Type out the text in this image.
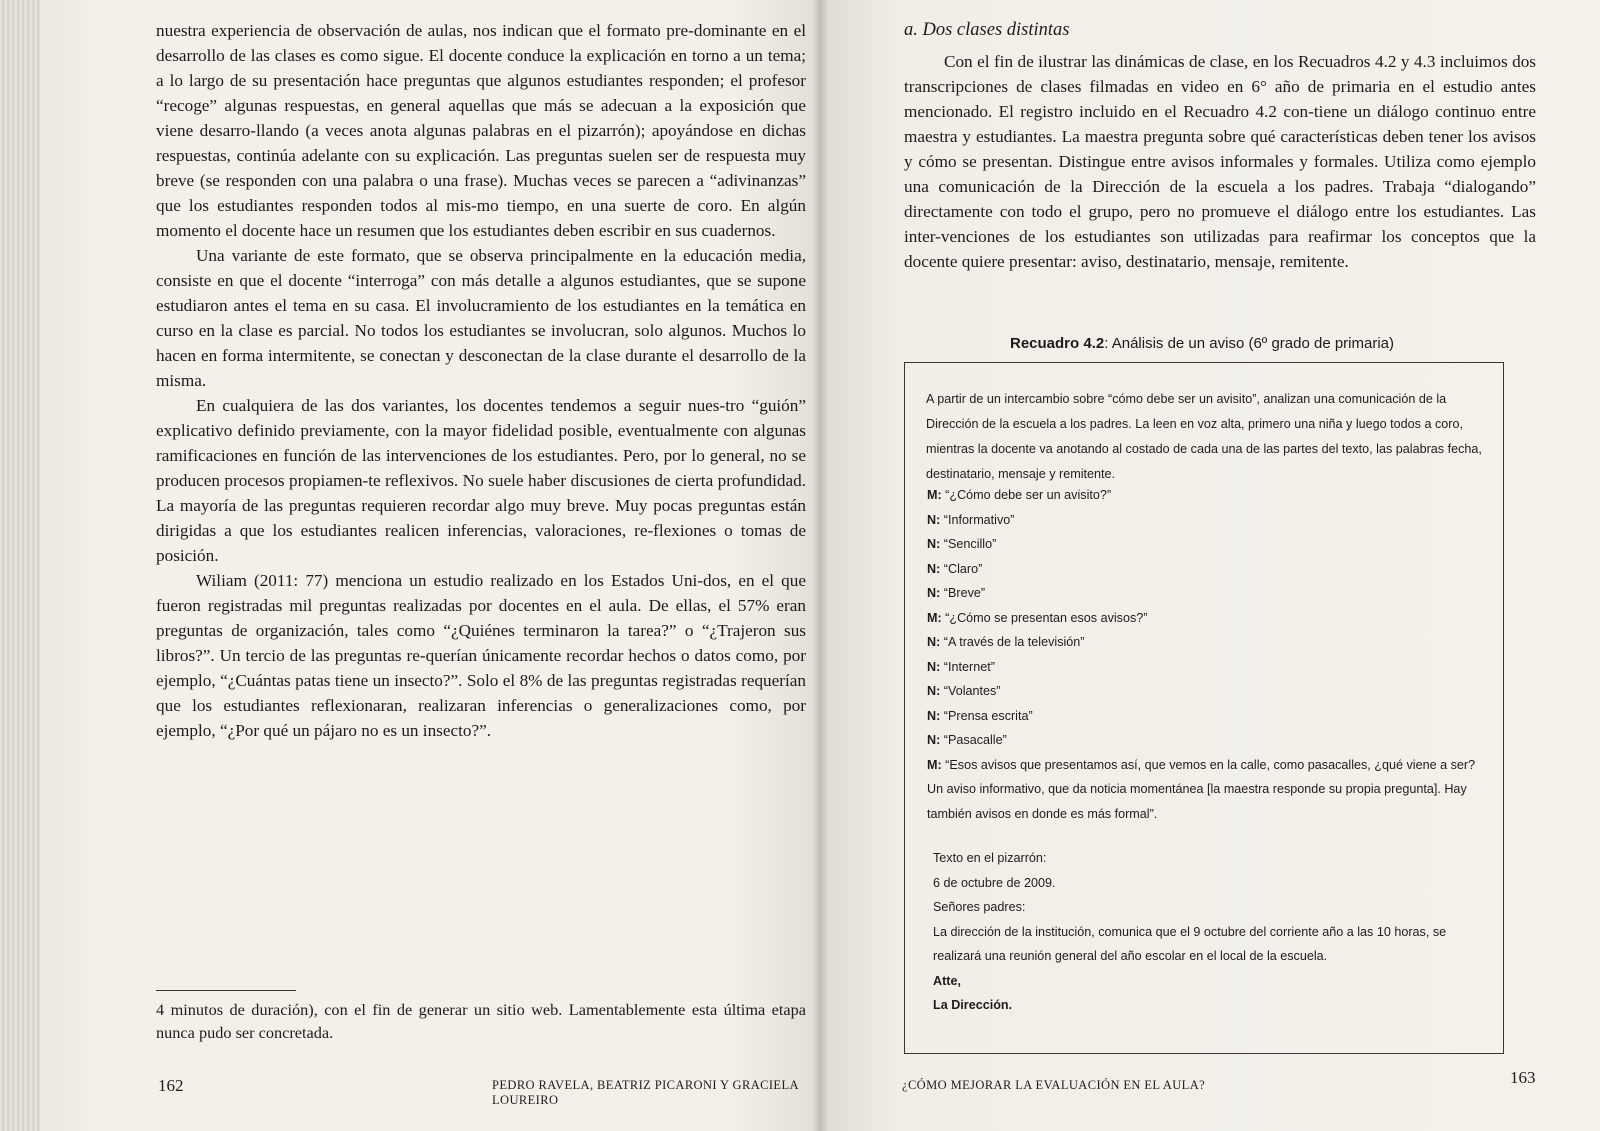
nuestra experiencia de observación de aulas, nos indican que el formato pre-dominante en el desarrollo de las clases es como sigue. El docente conduce la explicación en torno a un tema; a lo largo de su presentación hace preguntas que algunos estudiantes responden; el profesor “recoge” algunas respuestas, en general aquellas que más se adecuan a la exposición que viene desarro-llando (a veces anota algunas palabras en el pizarrón); apoyándose en dichas respuestas, continúa adelante con su explicación. Las preguntas suelen ser de respuesta muy breve (se responden con una palabra o una frase). Muchas veces se parecen a “adivinanzas” que los estudiantes responden todos al mis-mo tiempo, en una suerte de coro. En algún momento el docente hace un resumen que los estudiantes deben escribir en sus cuadernos.

Una variante de este formato, que se observa principalmente en la educación media, consiste en que el docente “interroga” con más detalle a algunos estudiantes, que se supone estudiaron antes el tema en su casa. El involucramiento de los estudiantes en la temática en curso en la clase es parcial. No todos los estudiantes se involucran, solo algunos. Muchos lo hacen en forma intermitente, se conectan y desconectan de la clase durante el desarrollo de la misma.

En cualquiera de las dos variantes, los docentes tendemos a seguir nues-tro “guión” explicativo definido previamente, con la mayor fidelidad posible, eventualmente con algunas ramificaciones en función de las intervenciones de los estudiantes. Pero, por lo general, no se producen procesos propiamen-te reflexivos. No suele haber discusiones de cierta profundidad. La mayoría de las preguntas requieren recordar algo muy breve. Muy pocas preguntas están dirigidas a que los estudiantes realicen inferencias, valoraciones, re-flexiones o tomas de posición.

Wiliam (2011: 77) menciona un estudio realizado en los Estados Uni-dos, en el que fueron registradas mil preguntas realizadas por docentes en el aula. De ellas, el 57% eran preguntas de organización, tales como “¿Quiénes terminaron la tarea?” o “¿Trajeron sus libros?”. Un tercio de las preguntas re-querían únicamente recordar hechos o datos como, por ejemplo, “¿Cuántas patas tiene un insecto?”. Solo el 8% de las preguntas registradas requerían que los estudiantes reflexionaran, realizaran inferencias o generalizaciones como, por ejemplo, “¿Por qué un pájaro no es un insecto?”.

4 minutos de duración), con el fin de generar un sitio web. Lamentablemente esta última etapa nunca pudo ser concretada.
162	PEDRO RAVELA, BEATRIZ PICARONI Y GRACIELA LOUREIRO
a. Dos clases distintas

Con el fin de ilustrar las dinámicas de clase, en los Recuadros 4.2 y 4.3 incluimos dos transcripciones de clases filmadas en video en 6° año de primaria en el estudio antes mencionado. El registro incluido en el Recuadro 4.2 con-tiene un diálogo continuo entre maestra y estudiantes. La maestra pregunta sobre qué características deben tener los avisos y cómo se presentan. Distingue entre avisos informales y formales. Utiliza como ejemplo una comunicación de la Dirección de la escuela a los padres. Trabaja “dialogando” directamente con todo el grupo, pero no promueve el diálogo entre los estudiantes. Las inter-venciones de los estudiantes son utilizadas para reafirmar los conceptos que la docente quiere presentar: aviso, destinatario, mensaje, remitente.

Recuadro 4.2: Análisis de un aviso (6º grado de primaria)
A partir de un intercambio sobre “cómo debe ser un avisito”, analizan una comunicación de la Dirección de la escuela a los padres. La leen en voz alta, primero una niña y luego todos a coro, mientras la docente va anotando al costado de cada una de las partes del texto, las palabras fecha, destinatario, mensaje y remitente.
M: “¿Cómo debe ser un avisito?”
N: “Informativo”
N: “Sencillo”
N: “Claro”
N: “Breve”
M: “¿Cómo se presentan esos avisos?”
N: “A través de la televisión”
N: “Internet”
N: “Volantes”
N: “Prensa escrita”
N: “Pasacalle”
M: “Esos avisos que presentamos así, que vemos en la calle, como pasacalles, ¿qué viene a ser? Un aviso informativo, que da noticia momentánea [la maestra responde su propia pregunta]. Hay también avisos en donde es más formal”.
Texto en el pizarrón:
6 de octubre de 2009.
Señores padres:
La dirección de la institución, comunica que el 9 octubre del corriente año a las 10 horas, se realizará una reunión general del año escolar en el local de la escuela.
Atte,
La Dirección.
¿CÓMO MEJORAR LA EVALUACIÓN EN EL AULA?	163
